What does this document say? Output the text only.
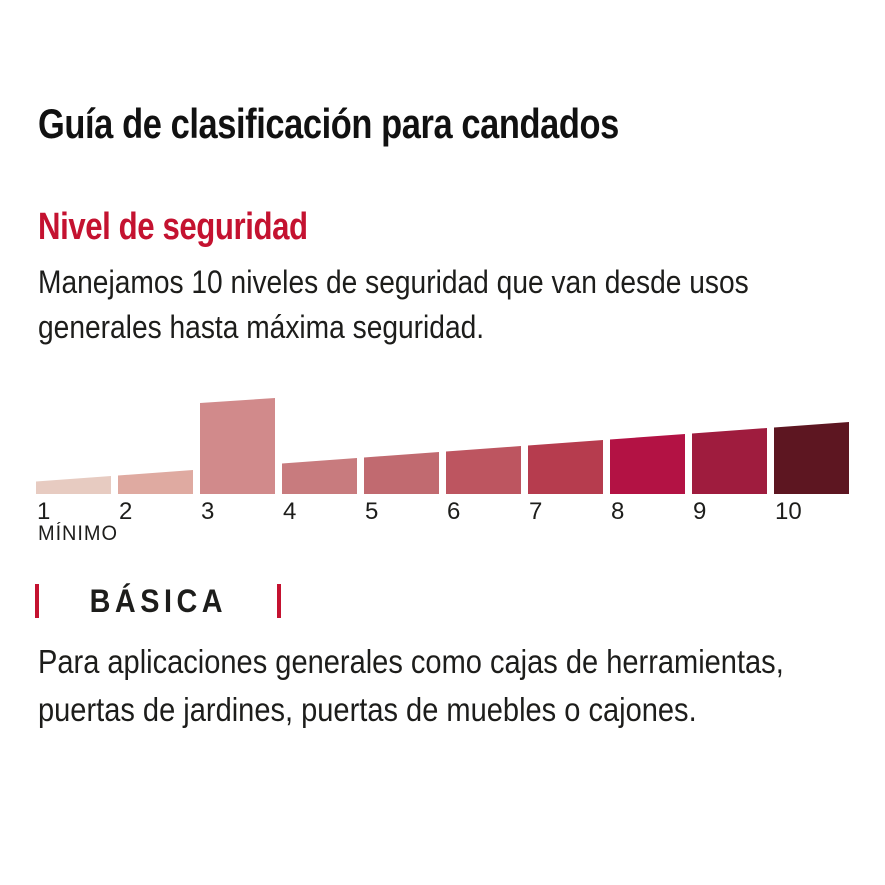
Guía de clasificación para candados
Nivel de seguridad

Manejamos 10 niveles de seguridad que van desde usos
generales hasta máxima seguridad.

1	2	3	4	5	6	7	8	9	10
MÍNIMO
BÁSICA

Para aplicaciones generales como cajas de herramientas,
puertas de jardines, puertas de muebles o cajones.
